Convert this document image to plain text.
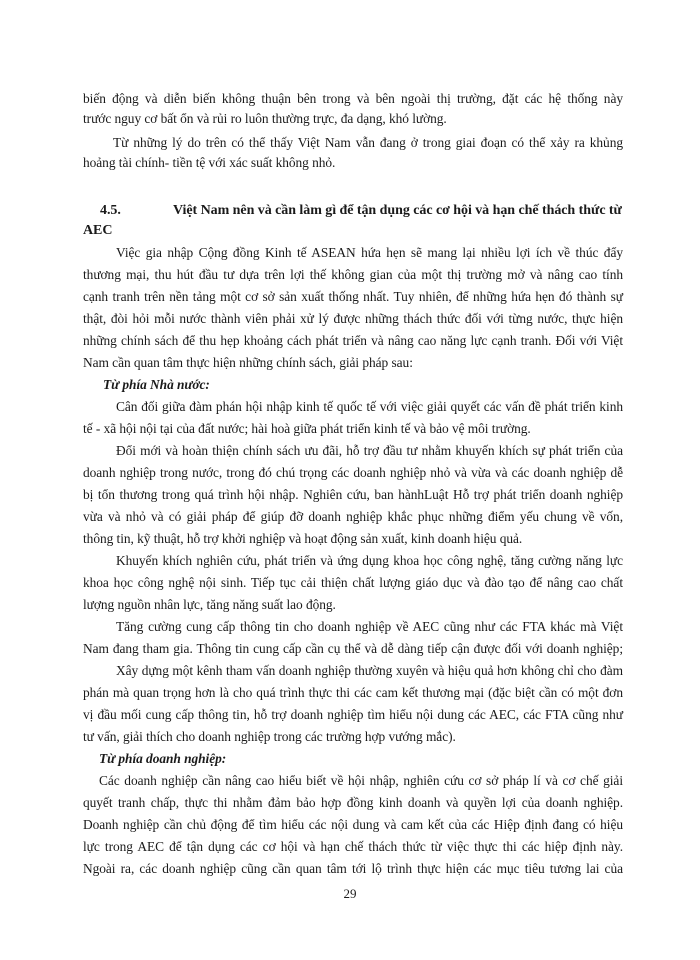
biến động và diễn biến không thuận bên trong và bên ngoài thị trường, đặt các hệ thống này
trước nguy cơ bất ổn và rủi ro luôn thường trực, đa dạng, khó lường.
Từ những lý do trên có thể thấy Việt Nam vẫn đang ở trong giai đoạn có thể xảy ra khủng
hoảng tài chính- tiền tệ với xác suất không nhỏ.
4.5.	Việt Nam nên và cần làm gì để tận dụng các cơ hội và hạn chế thách thức từ
AEC
Việc gia nhập Cộng đồng Kinh tế ASEAN hứa hẹn sẽ mang lại nhiều lợi ích về thúc đẩy
thương mại, thu hút đầu tư dựa trên lợi thế không gian của một thị trường mở và nâng cao tính
cạnh tranh trên nền tảng một cơ sở sản xuất thống nhất. Tuy nhiên, để những hứa hẹn đó thành sự
thật, đòi hỏi mỗi nước thành viên phải xử lý được những thách thức đối với từng nước, thực hiện
những chính sách để thu hẹp khoảng cách phát triển và nâng cao năng lực cạnh tranh. Đối với Việt
Nam cần quan tâm thực hiện những chính sách, giải pháp sau:
Từ phía Nhà nước:
Cân đối giữa đàm phán hội nhập kinh tế quốc tế với việc giải quyết các vấn đề phát triển kinh
tế - xã hội nội tại của đất nước; hài hoà giữa phát triển kinh tế và bảo vệ môi trường.
Đổi mới và hoàn thiện chính sách ưu đãi, hỗ trợ đầu tư nhằm khuyến khích sự phát triển của
doanh nghiệp trong nước, trong đó chú trọng các doanh nghiệp nhỏ và vừa và các doanh nghiệp dễ
bị tổn thương trong quá trình hội nhập. Nghiên cứu, ban hànhLuật Hỗ trợ phát triển doanh nghiệp
vừa và nhỏ và có giải pháp để giúp đỡ doanh nghiệp khắc phục những điểm yếu chung về vốn,
thông tin, kỹ thuật, hỗ trợ khởi nghiệp và hoạt động sản xuất, kinh doanh hiệu quả.
Khuyến khích nghiên cứu, phát triển và ứng dụng khoa học công nghệ, tăng cường năng lực
khoa học công nghệ nội sinh. Tiếp tục cải thiện chất lượng giáo dục và đào tạo để nâng cao chất
lượng nguồn nhân lực, tăng năng suất lao động.
Tăng cường cung cấp thông tin cho doanh nghiệp về AEC cũng như các FTA khác mà Việt
Nam đang tham gia. Thông tin cung cấp cần cụ thể và dễ dàng tiếp cận được đối với doanh nghiệp;
Xây dựng một kênh tham vấn doanh nghiệp thường xuyên và hiệu quả hơn không chỉ cho đàm
phán mà quan trọng hơn là cho quá trình thực thi các cam kết thương mại (đặc biệt cần có một đơn
vị đầu mối cung cấp thông tin, hỗ trợ doanh nghiệp tìm hiểu nội dung các AEC, các FTA cũng như
tư vấn, giải thích cho doanh nghiệp trong các trường hợp vướng mắc).
Từ phía doanh nghiệp:
Các doanh nghiệp cần nâng cao hiểu biết về hội nhập, nghiên cứu cơ sở pháp lí và cơ chế giải
quyết tranh chấp, thực thi nhằm đảm bảo hợp đồng kinh doanh và quyền lợi của doanh nghiệp.
Doanh nghiệp cần chủ động để tìm hiểu các nội dung và cam kết của các Hiệp định đang có hiệu
lực trong AEC để tận dụng các cơ hội và hạn chế thách thức từ việc thực thi các hiệp định này.
Ngoài ra, các doanh nghiệp cũng cần quan tâm tới lộ trình thực hiện các mục tiêu tương lai của
29
